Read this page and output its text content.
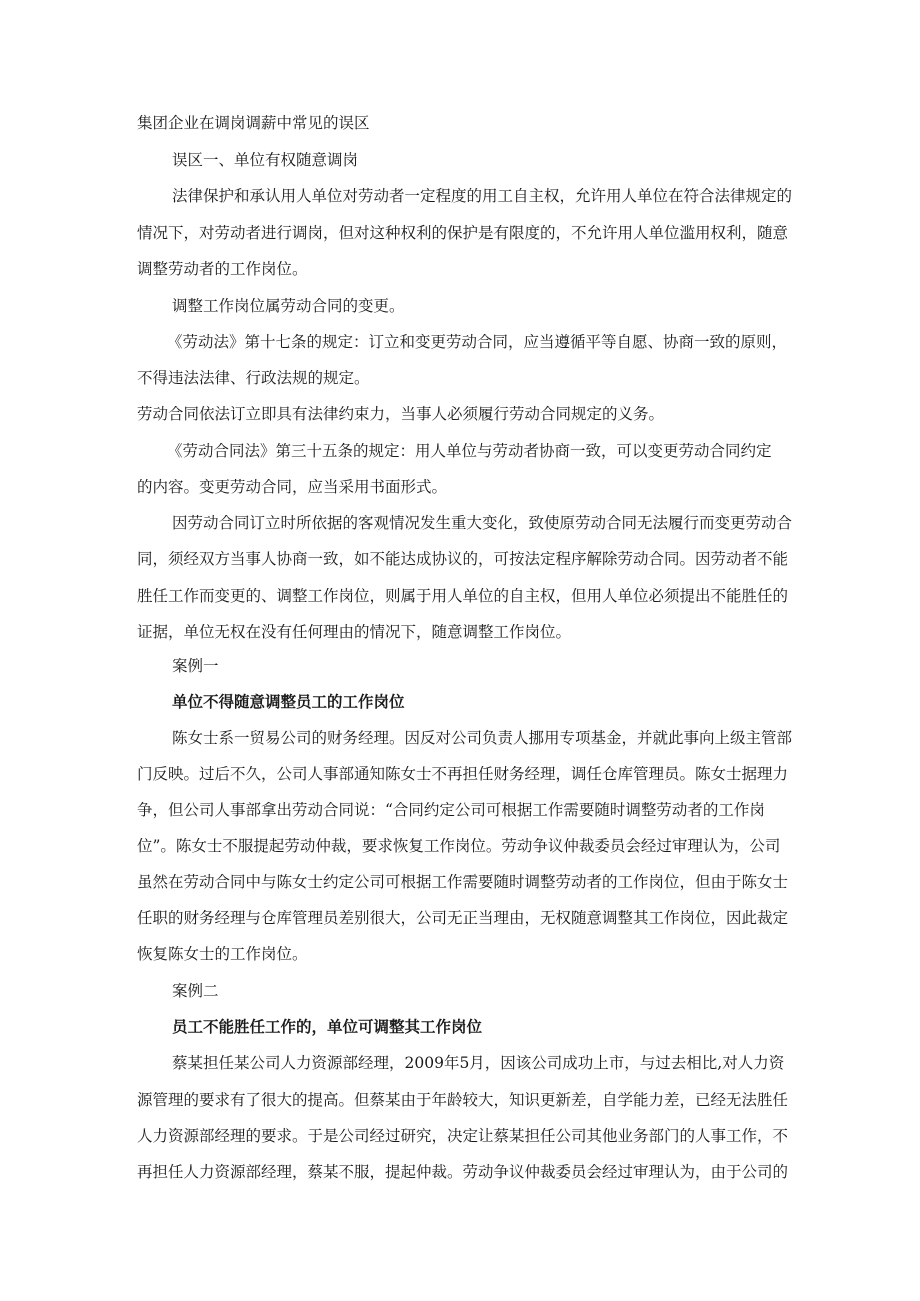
集团企业在调岗调薪中常见的误区

误区一、单位有权随意调岗

法律保护和承认用人单位对劳动者一定程度的用工自主权，允许用人单位在符合法律规定的

情况下，对劳动者进行调岗，但对这种权利的保护是有限度的，不允许用人单位滥用权利，随意

调整劳动者的工作岗位。

调整工作岗位属劳动合同的变更。

《劳动法》第十七条的规定：订立和变更劳动合同，应当遵循平等自愿、协商一致的原则，

不得违法法律、行政法规的规定。

劳动合同依法订立即具有法律约束力，当事人必须履行劳动合同规定的义务。

《劳动合同法》第三十五条的规定：用人单位与劳动者协商一致，可以变更劳动合同约定

的内容。变更劳动合同，应当采用书面形式。

因劳动合同订立时所依据的客观情况发生重大变化，致使原劳动合同无法履行而变更劳动合

同，须经双方当事人协商一致，如不能达成协议的，可按法定程序解除劳动合同。因劳动者不能

胜任工作而变更的、调整工作岗位，则属于用人单位的自主权，但用人单位必须提出不能胜任的

证据，单位无权在没有任何理由的情况下，随意调整工作岗位。

案例一

单位不得随意调整员工的工作岗位

陈女士系一贸易公司的财务经理。因反对公司负责人挪用专项基金，并就此事向上级主管部

门反映。过后不久，公司人事部通知陈女士不再担任财务经理，调任仓库管理员。陈女士据理力

争，但公司人事部拿出劳动合同说：“合同约定公司可根据工作需要随时调整劳动者的工作岗

位”。陈女士不服提起劳动仲裁，要求恢复工作岗位。劳动争议仲裁委员会经过审理认为，公司

虽然在劳动合同中与陈女士约定公司可根据工作需要随时调整劳动者的工作岗位，但由于陈女士

任职的财务经理与仓库管理员差别很大，公司无正当理由，无权随意调整其工作岗位，因此裁定

恢复陈女士的工作岗位。

案例二

员工不能胜任工作的，单位可调整其工作岗位

蔡某担任某公司人力资源部经理，2009年5月，因该公司成功上市，与过去相比,对人力资

源管理的要求有了很大的提高。但蔡某由于年龄较大，知识更新差，自学能力差，已经无法胜任

人力资源部经理的要求。于是公司经过研究，决定让蔡某担任公司其他业务部门的人事工作，不

再担任人力资源部经理，蔡某不服，提起仲裁。劳动争议仲裁委员会经过审理认为，由于公司的
